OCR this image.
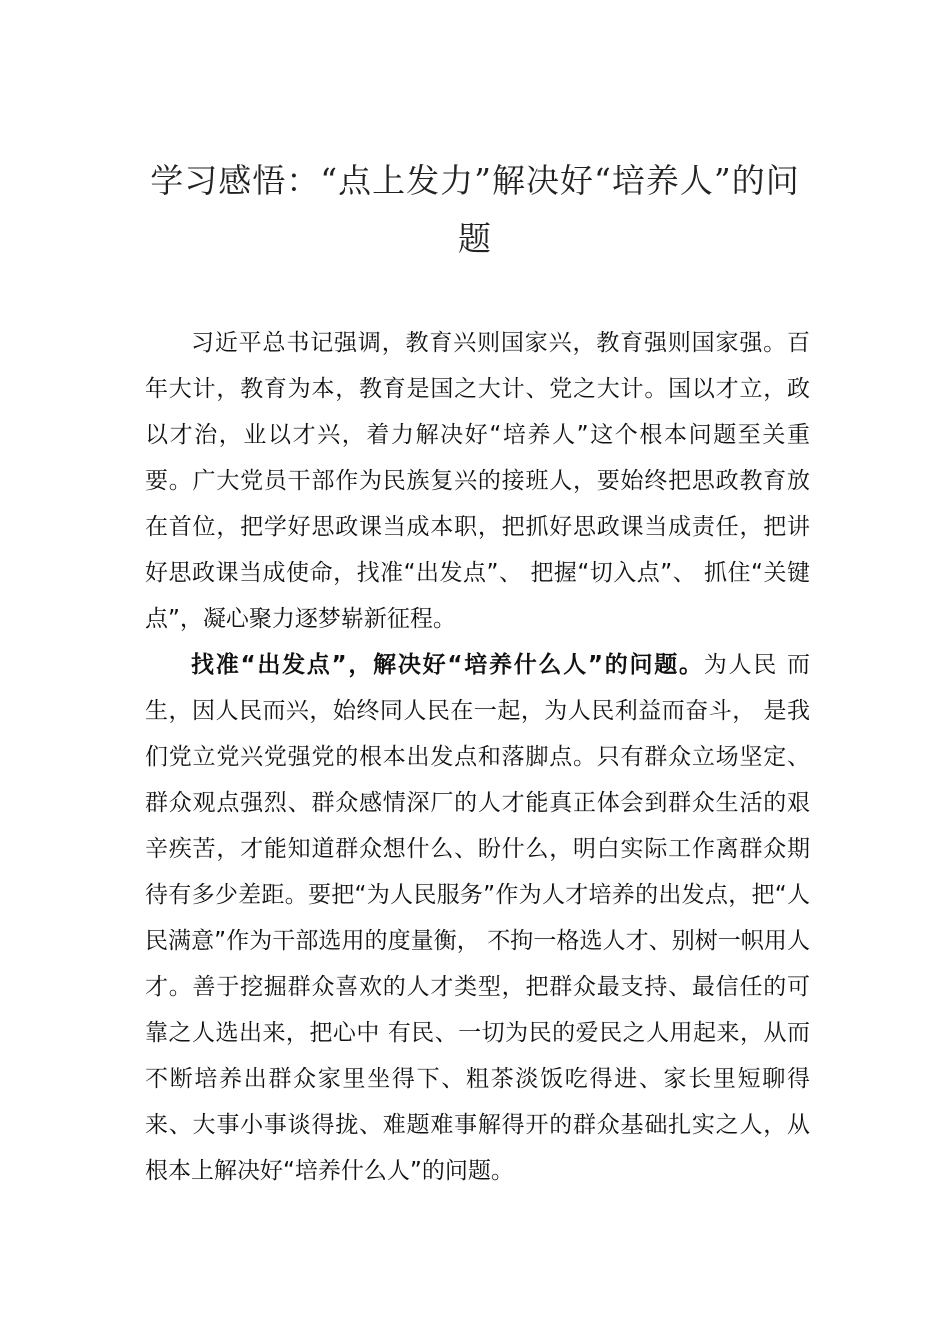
学习感悟：“点上发力”解决好“培养人”的问题

习近平总书记强调，教育兴则国家兴，教育强则国家强。百年大计，教育为本，教育是国之大计、党之大计。国以才立，政以才治，业以才兴，着力解决好“培养人”这个根本问题至关重要。广大党员干部作为民族复兴的接班人，要始终把思政教育放在首位，把学好思政课当成本职，把抓好思政课当成责任，把讲好思政课当成使命，找准“出发点”、 把握“切入点”、 抓住“关键点”，凝心聚力逐梦崭新征程。

找准“出发点”，解决好“培养什么人”的问题。为人民 而生，因人民而兴，始终同人民在一起，为人民利益而奋斗， 是我们党立党兴党强党的根本出发点和落脚点。只有群众立场坚定、群众观点强烈、群众感情深⼚的人才能真正体会到群众生活的艰辛疾苦，才能知道群众想什么、盼什么，明白实际工作离群众期待有多少差距。要把“为人民服务”作为人才培养的出发点，把“人民满意”作为干部选用的度量衡， 不拘一格选人才、别树一帜用人才。善于挖掘群众喜欢的人才类型，把群众最支持、最信任的可靠之人选出来，把心中 有民、一切为民的爱民之人用起来，从而不断培养出群众家里坐得下、粗茶淡饭吃得进、家长里短聊得来、大事小事谈得拢、难题难事解得开的群众基础扎实之人，从根本上解决好“培养什么人”的问题。
